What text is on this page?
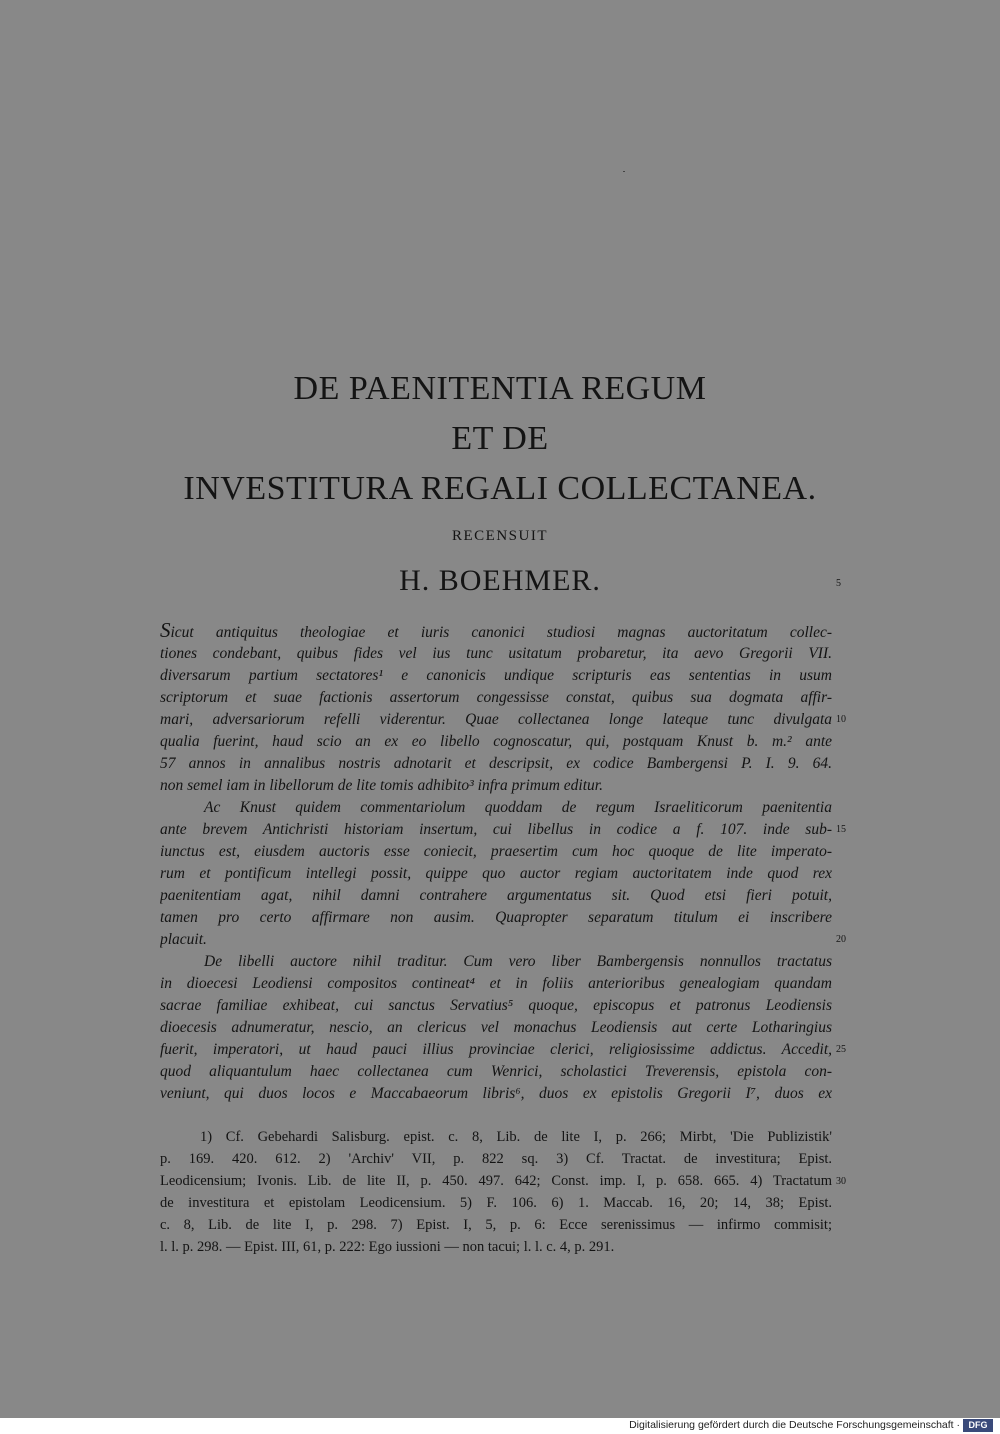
DE PAENITENTIA REGUM
ET DE
INVESTITURA REGALI COLLECTANEA.
RECENSUIT
H. BOEHMER.
Sicut antiquitus theologiae et iuris canonici studiosi magnas auctoritatum collec-
tiones condebant, quibus fides vel ius tunc usitatum probaretur, ita aevo Gregorii VII.
diversarum partium sectatores¹ e canonicis undique scripturis eas sententias in usum
scriptorum et suae factionis assertorum congessisse constat, quibus sua dogmata affir-
mari, adversariorum refelli viderentur. Quae collectanea longe lateque tunc divulgata
qualia fuerint, haud scio an ex eo libello cognoscatur, qui, postquam Knust b. m.² ante
57 annos in annalibus nostris adnotarit et descripsit, ex codice Bambergensi P. I. 9. 64.
non semel iam in libellorum de lite tomis adhibito³ infra primum editur.
Ac Knust quidem commentariolum quoddam de regum Israeliticorum paenitentia
ante brevem Antichristi historiam insertum, cui libellus in codice a f. 107. inde sub-
iunctus est, eiusdem auctoris esse coniecit, praesertim cum hoc quoque de lite imperato-
rum et pontificum intellegi possit, quippe quo auctor regiam auctoritatem inde quod rex
paenitentiam agat, nihil damni contrahere argumentatus sit. Quod etsi fieri potuit,
tamen pro certo affirmare non ausim. Quapropter separatum titulum ei inscribere
placuit.
De libelli auctore nihil traditur. Cum vero liber Bambergensis nonnullos tractatus
in dioecesi Leodiensi compositos contineat⁴ et in foliis anterioribus genealogiam quandam
sacrae familiae exhibeat, cui sanctus Servatius⁵ quoque, episcopus et patronus Leodiensis
dioecesis adnumeratur, nescio, an clericus vel monachus Leodiensis aut certe Lotharingius
fuerit, imperatori, ut haud pauci illius provinciae clerici, religiosissime addictus. Accedit,
quod aliquantulum haec collectanea cum Wenrici, scholastici Treverensis, epistola con-
veniunt, qui duos locos e Maccabaeorum libris⁶, duos ex epistolis Gregorii I⁷, duos ex
1) Cf. Gebehardi Salisburg. epist. c. 8, Lib. de lite I, p. 266; Mirbt, 'Die Publizistik'
p. 169. 420. 612. 2) 'Archiv' VII, p. 822 sq. 3) Cf. Tractat. de investitura; Epist.
Leodicensium; Ivonis. Lib. de lite II, p. 450. 497. 642; Const. imp. I, p. 658. 665. 4) Tractatum
de investitura et epistolam Leodicensium. 5) F. 106. 6) 1. Maccab. 16, 20; 14, 38; Epist.
c. 8, Lib. de lite I, p. 298. 7) Epist. I, 5, p. 6: Ecce serenissimus — infirmo commisit;
l. l. p. 298. — Epist. III, 61, p. 222: Ego iussioni — non tacui; l. l. c. 4, p. 291.
5
10
15
20
25
30
Digitalisierung gefördert durch die Deutsche Forschungsgemeinschaft · DFG
